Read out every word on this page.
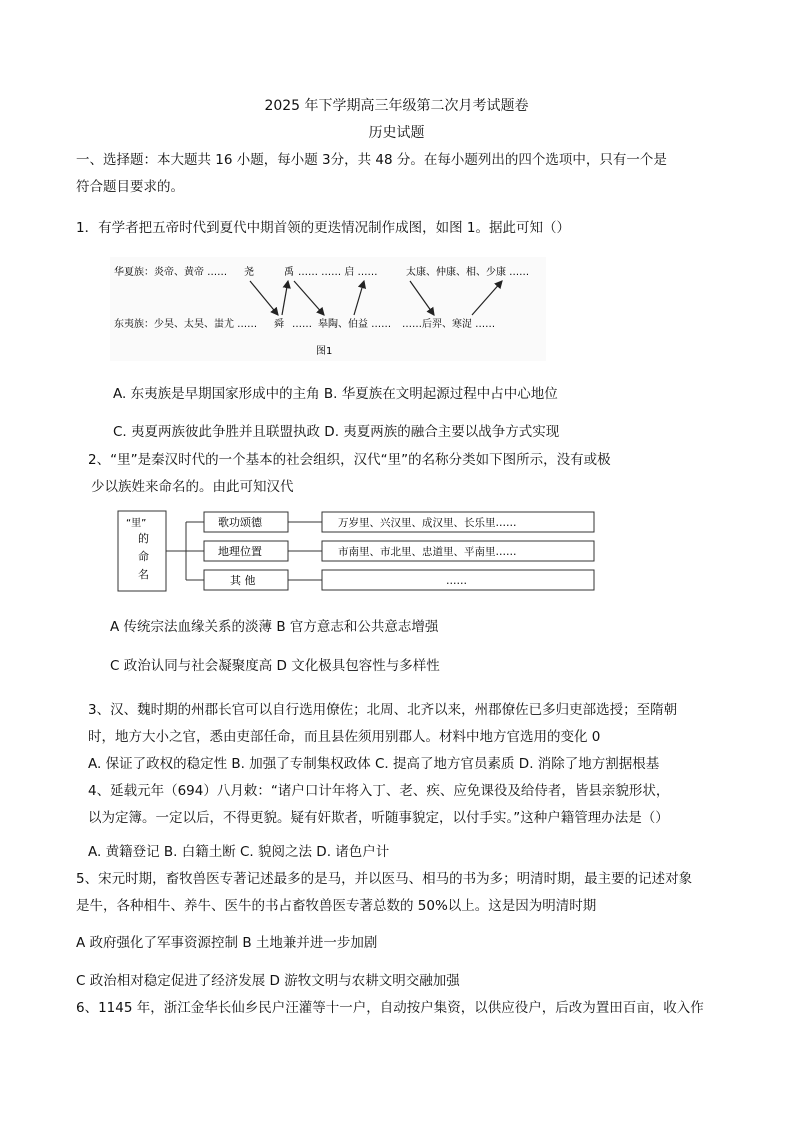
2025 年下学期高三年级第二次月考试题卷
历史试题
一、选择题：本大题共 16 小题，每小题 3分，共 48 分。在每小题列出的四个选项中，只有一个是
符合题目要求的。
1．有学者把五帝时代到夏代中期首领的更迭情况制作成图，如图 1。据此可知（）
华夏族： 炎帝、黄帝 …… 尧	禹 …… …… 启 ……	太康、仲康、相、少康 ……
东夷族： 少昊、太昊、蚩尤 …… 舜 …… 皋陶、伯益 …… ……后羿、寒浞 ……
图1
A. 东夷族是早期国家形成中的主角 B. 华夏族在文明起源过程中占中心地位
C. 夷夏两族彼此争胜并且联盟执政 D. 夷夏两族的融合主要以战争方式实现
2、“里”是秦汉时代的一个基本的社会组织，汉代“里”的名称分类如下图所示，没有或极
少以族姓来命名的。由此可知汉代
“里”
的
命
名
歌功颂德
地理位置
其 他
万岁里、兴汉里、成汉里、长乐里……
市南里、市北里、忠道里、平南里……
……
A 传统宗法血缘关系的淡薄 B 官方意志和公共意志增强
C 政治认同与社会凝聚度高 D 文化极具包容性与多样性
3、汉、魏时期的州郡长官可以自行选用僚佐；北周、北齐以来，州郡僚佐已多归吏部选授；至隋朝
时，地方大小之官，悉由吏部任命，而且县佐须用别郡人。材料中地方官选用的变化 0
A. 保证了政权的稳定性 B. 加强了专制集权政体 C. 提高了地方官员素质 D. 消除了地方割据根基
4、延载元年（694）八月敕：“诸户口计年将入丁、老、疾、应免课役及给侍者，皆县亲貌形状，
以为定簿。一定以后，不得更貌。疑有奸欺者，听随事貌定，以付手实。”这种户籍管理办法是（）
A. 黄籍登记 B. 白籍土断 C. 貌阅之法 D. 诸色户计
5、宋元时期，畜牧兽医专著记述最多的是马，并以医马、相马的书为多；明清时期，最主要的记述对象
是牛，各种相牛、养牛、医牛的书占畜牧兽医专著总数的 50%以上。这是因为明清时期
A 政府强化了军事资源控制 B 土地兼并进一步加剧
C 政治相对稳定促进了经济发展 D 游牧文明与农耕文明交融加强
6、1145 年，浙江金华长仙乡民户汪灌等十一户，自动按户集资，以供应役户，后改为置田百亩，收入作
